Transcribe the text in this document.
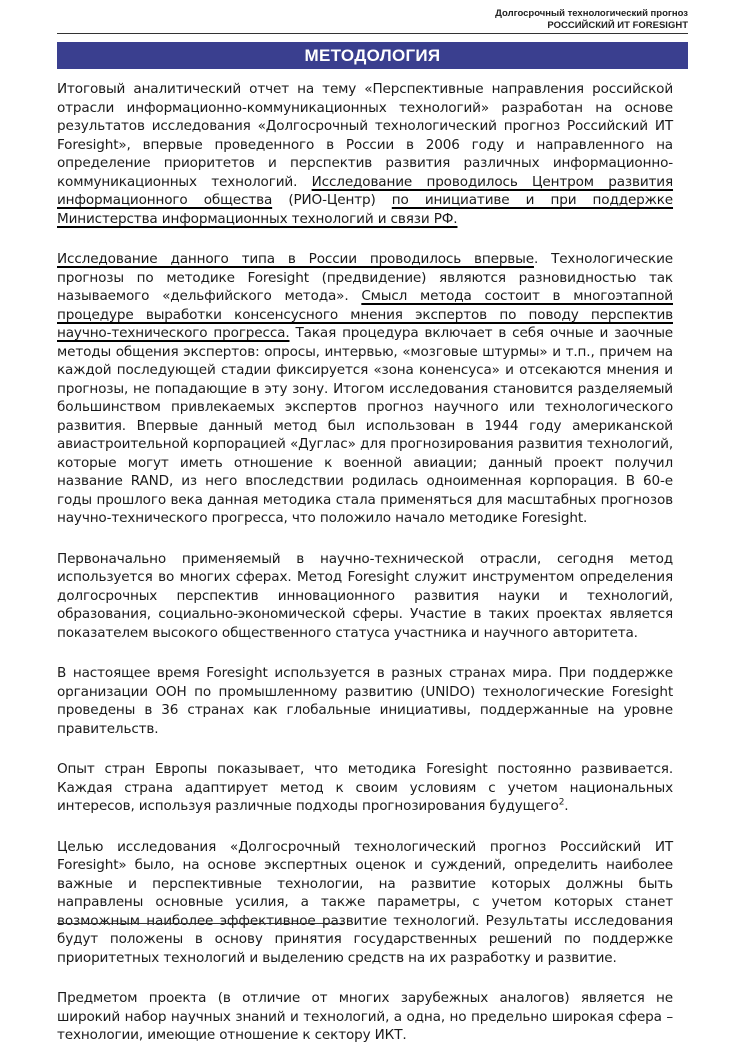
Долгосрочный технологический прогноз
РОССИЙСКИЙ ИТ FORESIGHT
МЕТОДОЛОГИЯ

Итоговый аналитический отчет на тему «Перспективные направления российской отрасли информационно-коммуникационных технологий» разработан на основе результатов исследования «Долгосрочный технологический прогноз Российский ИТ Foresight», впервые проведенного в России в 2006 году и направленного на определение приоритетов и перспектив развития различных информационно-коммуникационных технологий. Исследование проводилось Центром развития информационного общества (РИО-Центр) по инициативе и при поддержке Министерства информационных технологий и связи РФ.

Исследование данного типа в России проводилось впервые. Технологические прогнозы по методике Foresight (предвидение) являются разновидностью так называемого «дельфийского метода». Смысл метода состоит в многоэтапной процедуре выработки консенсусного мнения экспертов по поводу перспектив научно-технического прогресса. Такая процедура включает в себя очные и заочные методы общения экспертов: опросы, интервью, «мозговые штурмы» и т.п., причем на каждой последующей стадии фиксируется «зона коненсуса» и отсекаются мнения и прогнозы, не попадающие в эту зону. Итогом исследования становится разделяемый большинством привлекаемых экспертов прогноз научного или технологического развития. Впервые данный метод был использован в 1944 году американской авиастроительной корпорацией «Дуглас» для прогнозирования развития технологий, которые могут иметь отношение к военной авиации; данный проект получил название RAND, из него впоследствии родилась одноименная корпорация. В 60-е годы прошлого века данная методика стала применяться для масштабных прогнозов научно-технического прогресса, что положило начало методике Foresight.

Первоначально применяемый в научно-технической отрасли, сегодня метод используется во многих сферах. Метод Foresight служит инструментом определения долгосрочных перспектив инновационного развития науки и технологий, образования, социально-экономической сферы. Участие в таких проектах является показателем высокого общественного статуса участника и научного авторитета.

В настоящее время Foresight используется в разных странах мира. При поддержке организации ООН по промышленному развитию (UNIDO) технологические Foresight проведены в 36 странах как глобальные инициативы, поддержанные на уровне правительств.

Опыт стран Европы показывает, что методика Foresight постоянно развивается. Каждая страна адаптирует метод к своим условиям с учетом национальных интересов, используя различные подходы прогнозирования будущего$^2$.

Целью исследования «Долгосрочный технологический прогноз Российский ИТ Foresight» было, на основе экспертных оценок и суждений, определить наиболее важные и перспективные технологии, на развитие которых должны быть направлены основные усилия, а также параметры, с учетом которых станет возможным наиболее эффективное развитие технологий. Результаты исследования будут положены в основу принятия государственных решений по поддержке приоритетных технологий и выделению средств на их разработку и развитие.

Предметом проекта (в отличие от многих зарубежных аналогов) является не широкий набор научных знаний и технологий, а одна, но предельно широкая сфера – технологии, имеющие отношение к сектору ИКТ.
